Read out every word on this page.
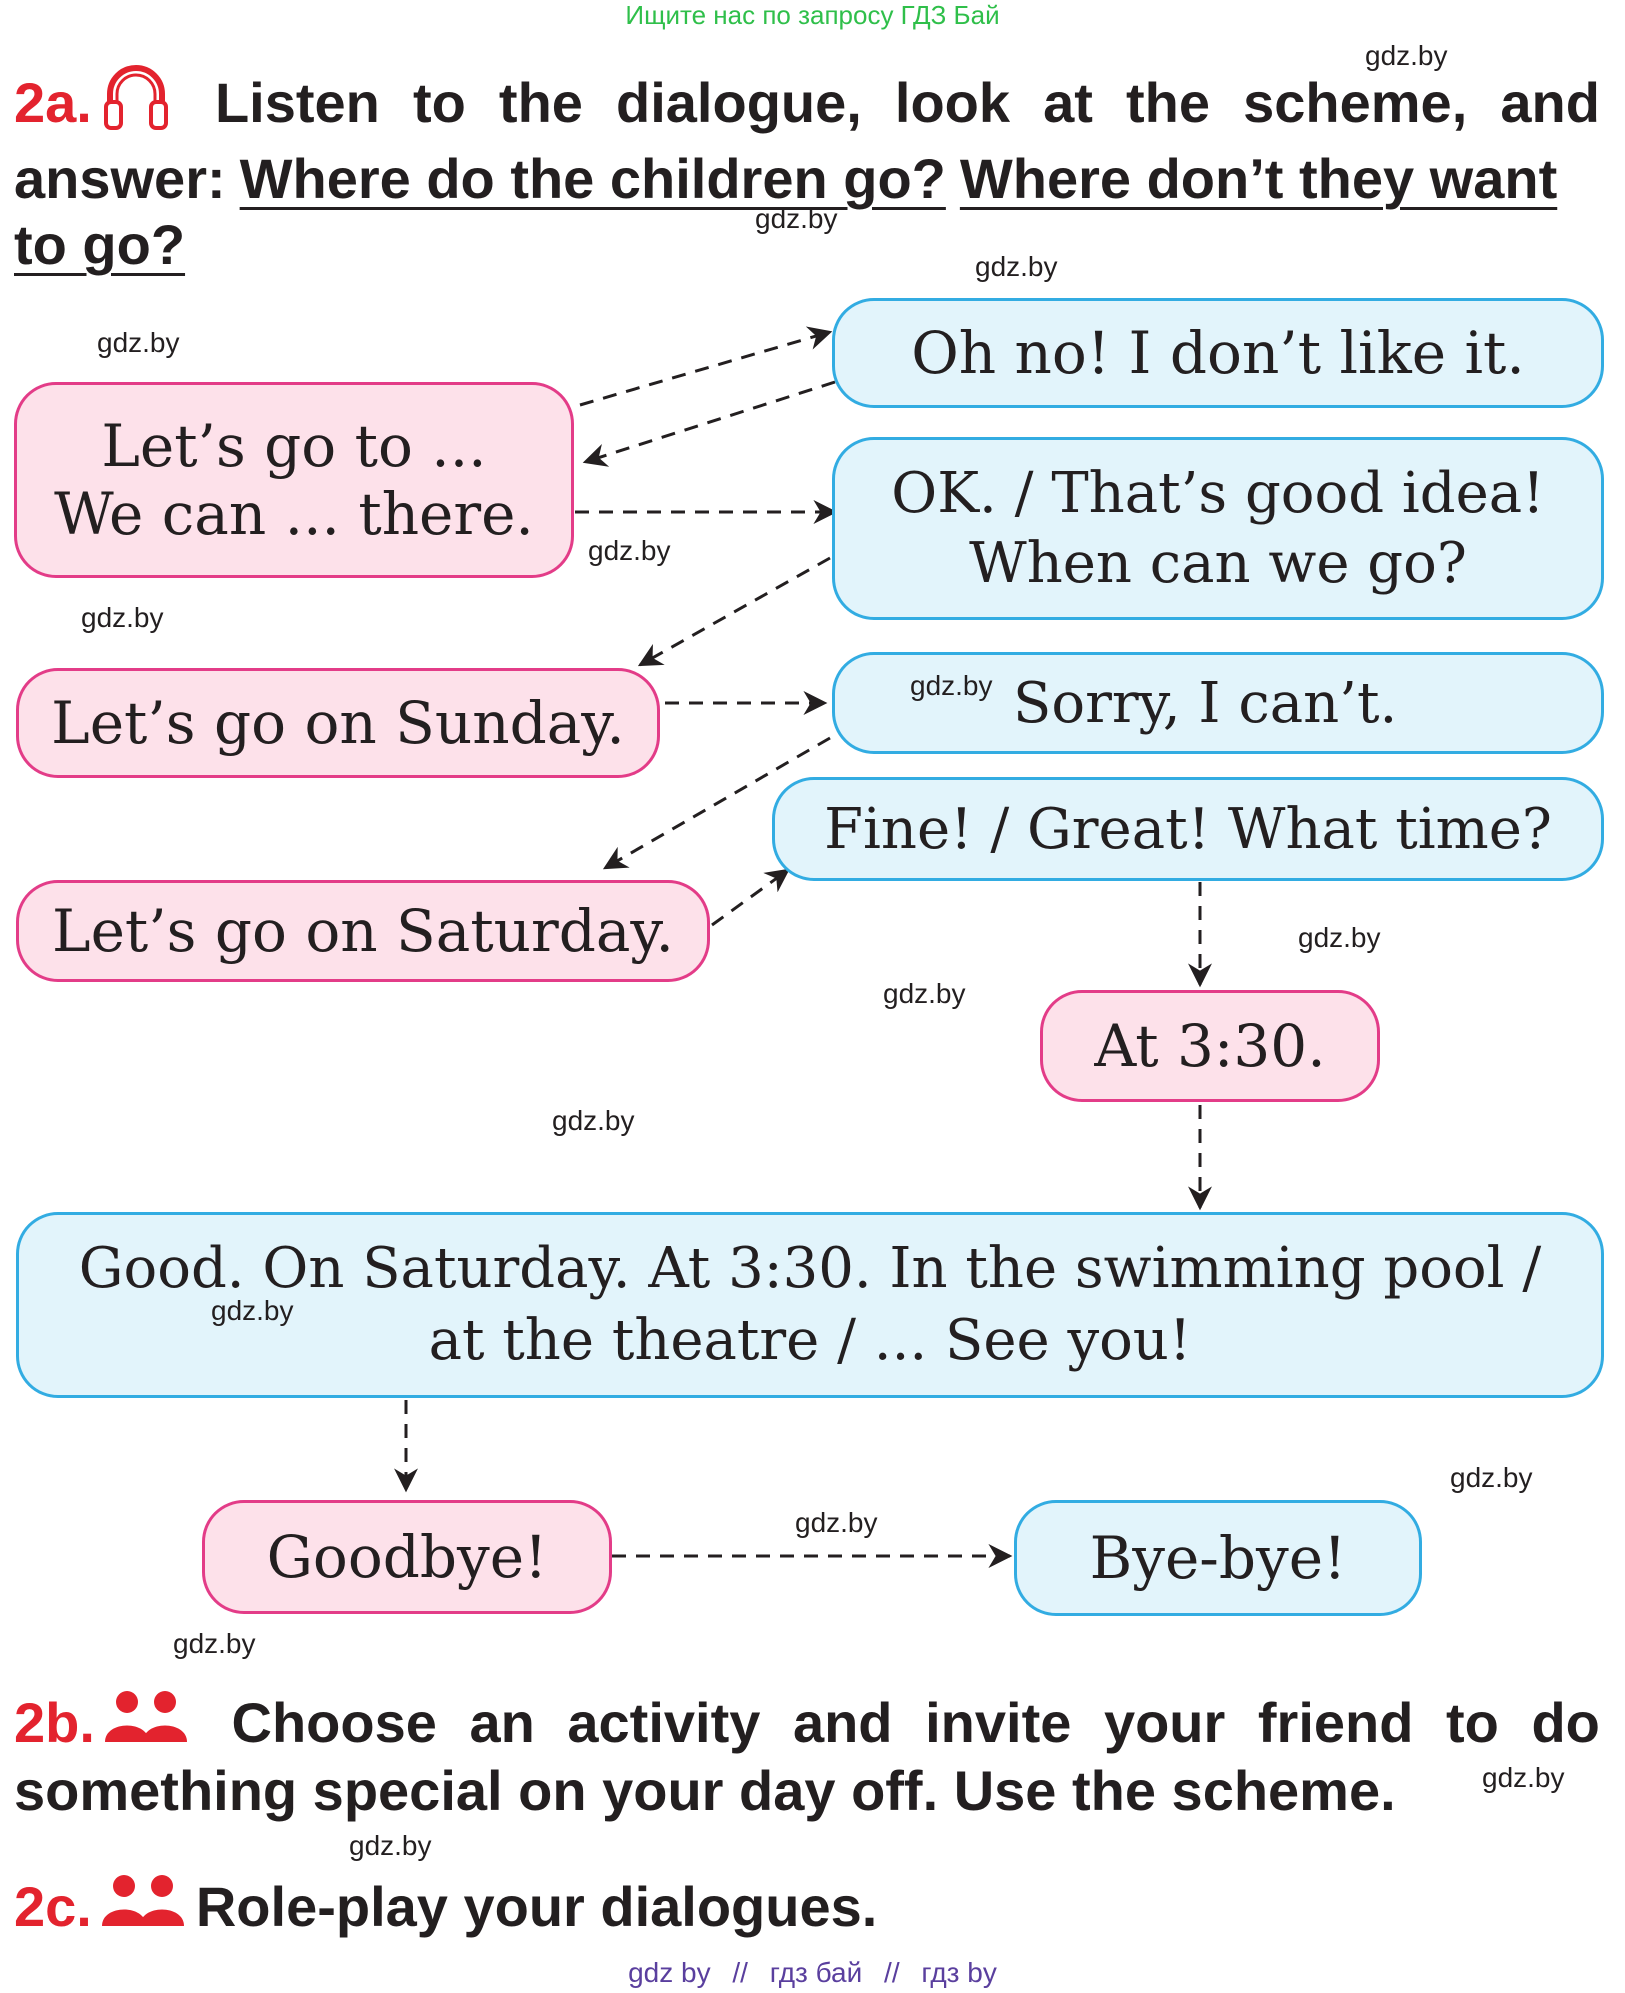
Ищите нас по запросу ГДЗ Бай
gdz.by
gdz.by
gdz.by
gdz.by
gdz.by
gdz.by
gdz.by
gdz.by
gdz.by
gdz.by
gdz.by
gdz.by
gdz.by
gdz.by
2a. Listen to the dialogue, look at the scheme, and
answer: Where do the children go? Where don’t they want
to go?
Let’s go to ...
We can ... there.
Oh no! I don’t like it.
OK. / That’s good idea!
When can we go?
Let’s go on Sunday.	Sorry, I can’t.
Fine! / Great! What time?
Let’s go on Saturday.
At 3:30.
Good. On Saturday. At 3:30. In the swimming pool /
at the theatre / ... See you!
Goodbye!	Bye-bye!
gdz.by
gdz.by
2b. Choose an activity and invite your friend to do
something special on your day off. Use the scheme.
2c. Role-play your dialogues.
gdz by // гдз бай // гдз by
